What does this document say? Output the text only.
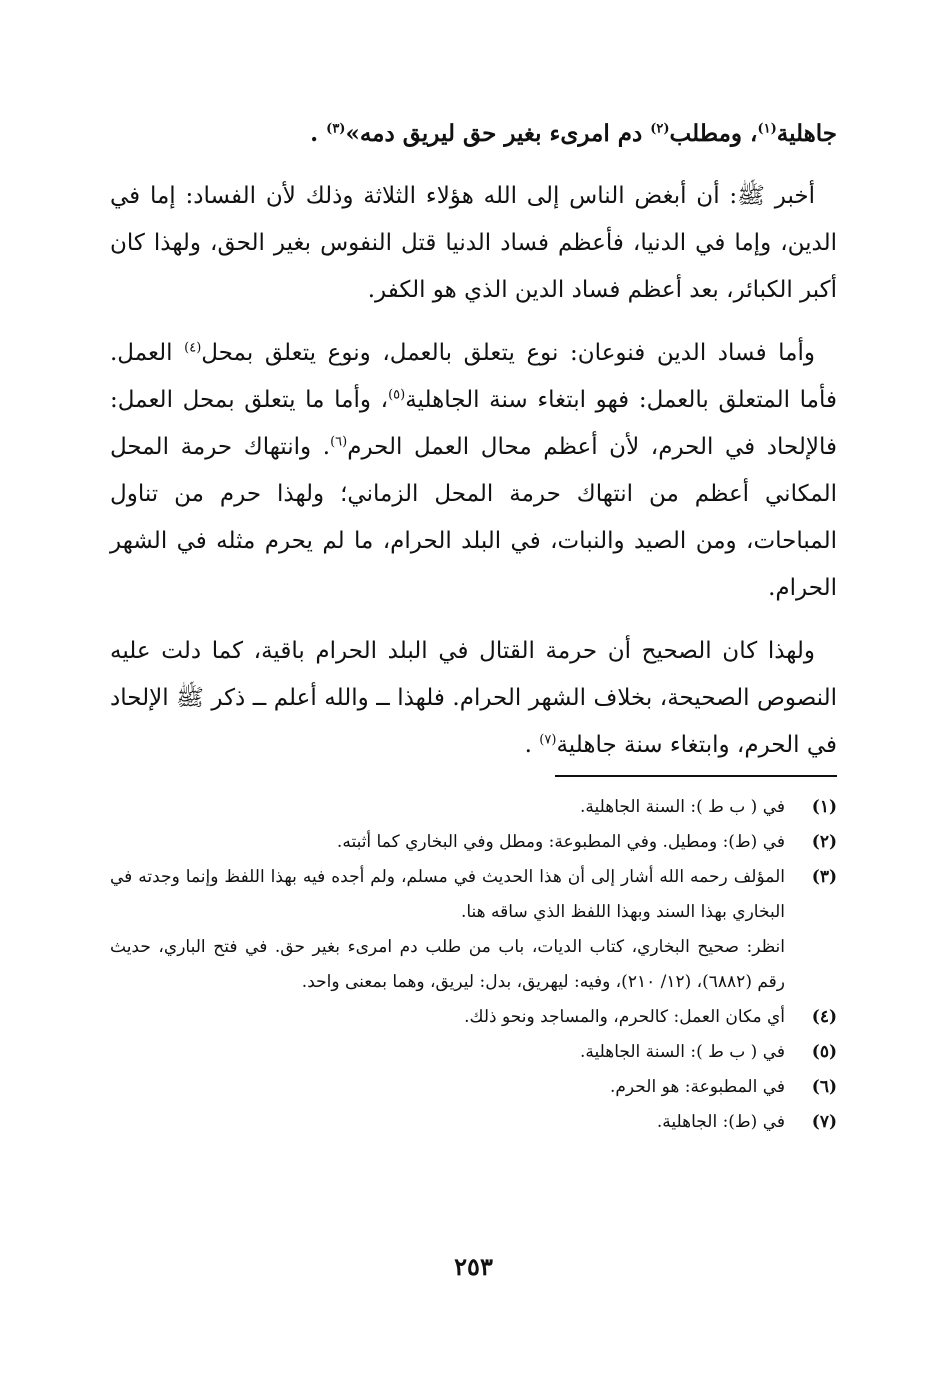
جاهلية$^{(١)}$، ومطلب$^{(٢)}$ دم امرىء بغير حق ليريق دمه»$^{(٣)}$ .

أخبر ﷺ: أن أبغض الناس إلى الله هؤلاء الثلاثة وذلك لأن الفساد: إما في الدين، وإما في الدنيا، فأعظم فساد الدنيا قتل النفوس بغير الحق، ولهذا كان أكبر الكبائر، بعد أعظم فساد الدين الذي هو الكفر.

وأما فساد الدين فنوعان: نوع يتعلق بالعمل، ونوع يتعلق بمحل$^{(٤)}$ العمل. فأما المتعلق بالعمل: فهو ابتغاء سنة الجاهلية$^{(٥)}$، وأما ما يتعلق بمحل العمل: فالإلحاد في الحرم، لأن أعظم محال العمل الحرم$^{(٦)}$. وانتهاك حرمة المحل المكاني أعظم من انتهاك حرمة المحل الزماني؛ ولهذا حرم من تناول المباحات، ومن الصيد والنبات، في البلد الحرام، ما لم يحرم مثله في الشهر الحرام.

ولهذا كان الصحيح أن حرمة القتال في البلد الحرام باقية، كما دلت عليه النصوص الصحيحة، بخلاف الشهر الحرام. فلهذا ــ والله أعلم ــ ذكر ﷺ الإلحاد في الحرم، وابتغاء سنة جاهلية$^{(٧)}$ .

(١)
في ( ب ط ): السنة الجاهلية.
(٢)
في (ط): ومطيل. وفي المطبوعة: ومطل وفي البخاري كما أثبته.
(٣)
المؤلف رحمه الله أشار إلى أن هذا الحديث في مسلم، ولم أجده فيه بهذا اللفظ وإنما وجدته في البخاري بهذا السند وبهذا اللفظ الذي ساقه هنا.
انظر: صحيح البخاري، كتاب الديات، باب من طلب دم امرىء بغير حق. في فتح الباري، حديث رقم (٦٨٨٢)، (١٢/ ٢١٠)، وفيه: ليهريق، بدل: ليريق، وهما بمعنى واحد.
(٤)
أي مكان العمل: كالحرم، والمساجد ونحو ذلك.
(٥)
في ( ب ط ): السنة الجاهلية.
(٦)
في المطبوعة: هو الحرم.
(٧)
في (ط): الجاهلية.
٢٥٣
